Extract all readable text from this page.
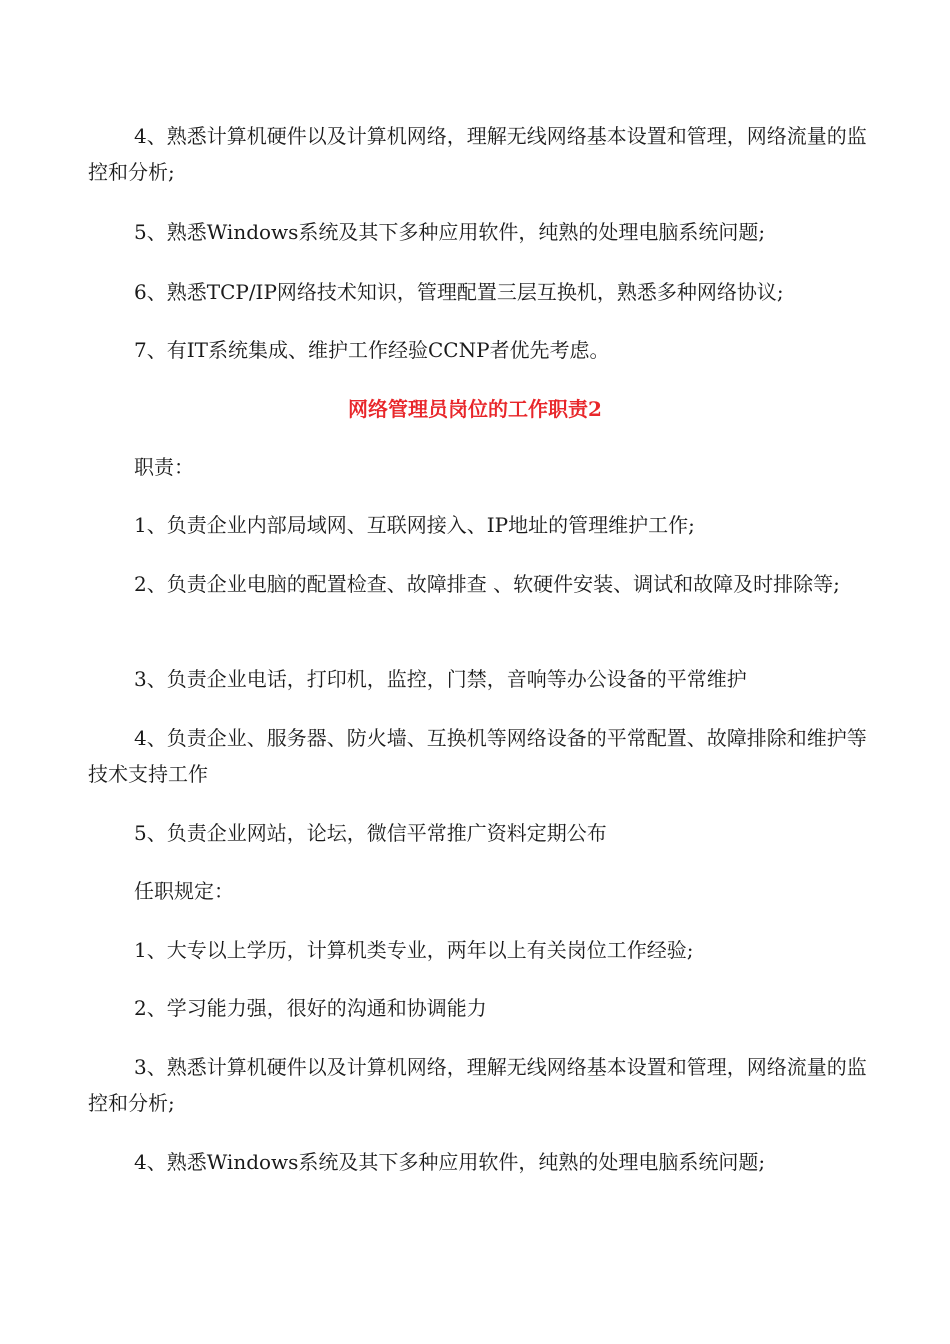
4、熟悉计算机硬件以及计算机网络，理解无线网络基本设置和管理，网络流量的监控和分析;

5、熟悉Windows系统及其下多种应用软件，纯熟的处理电脑系统问题;

6、熟悉TCP/IP网络技术知识，管理配置三层互换机，熟悉多种网络协议;

7、有IT系统集成、维护工作经验CCNP者优先考虑。

网络管理员岗位的工作职责2

职责：

1、负责企业内部局域网、互联网接入、IP地址的管理维护工作;

2、负责企业电脑的配置检查、故障排查 、软硬件安装、调试和故障及时排除等;

3、负责企业电话，打印机，监控，门禁，音响等办公设备的平常维护

4、负责企业、服务器、防火墙、互换机等网络设备的平常配置、故障排除和维护等技术支持工作

5、负责企业网站，论坛，微信平常推广资料定期公布

任职规定：

1、大专以上学历，计算机类专业，两年以上有关岗位工作经验;

2、学习能力强，很好的沟通和协调能力

3、熟悉计算机硬件以及计算机网络，理解无线网络基本设置和管理，网络流量的监控和分析;

4、熟悉Windows系统及其下多种应用软件，纯熟的处理电脑系统问题;
